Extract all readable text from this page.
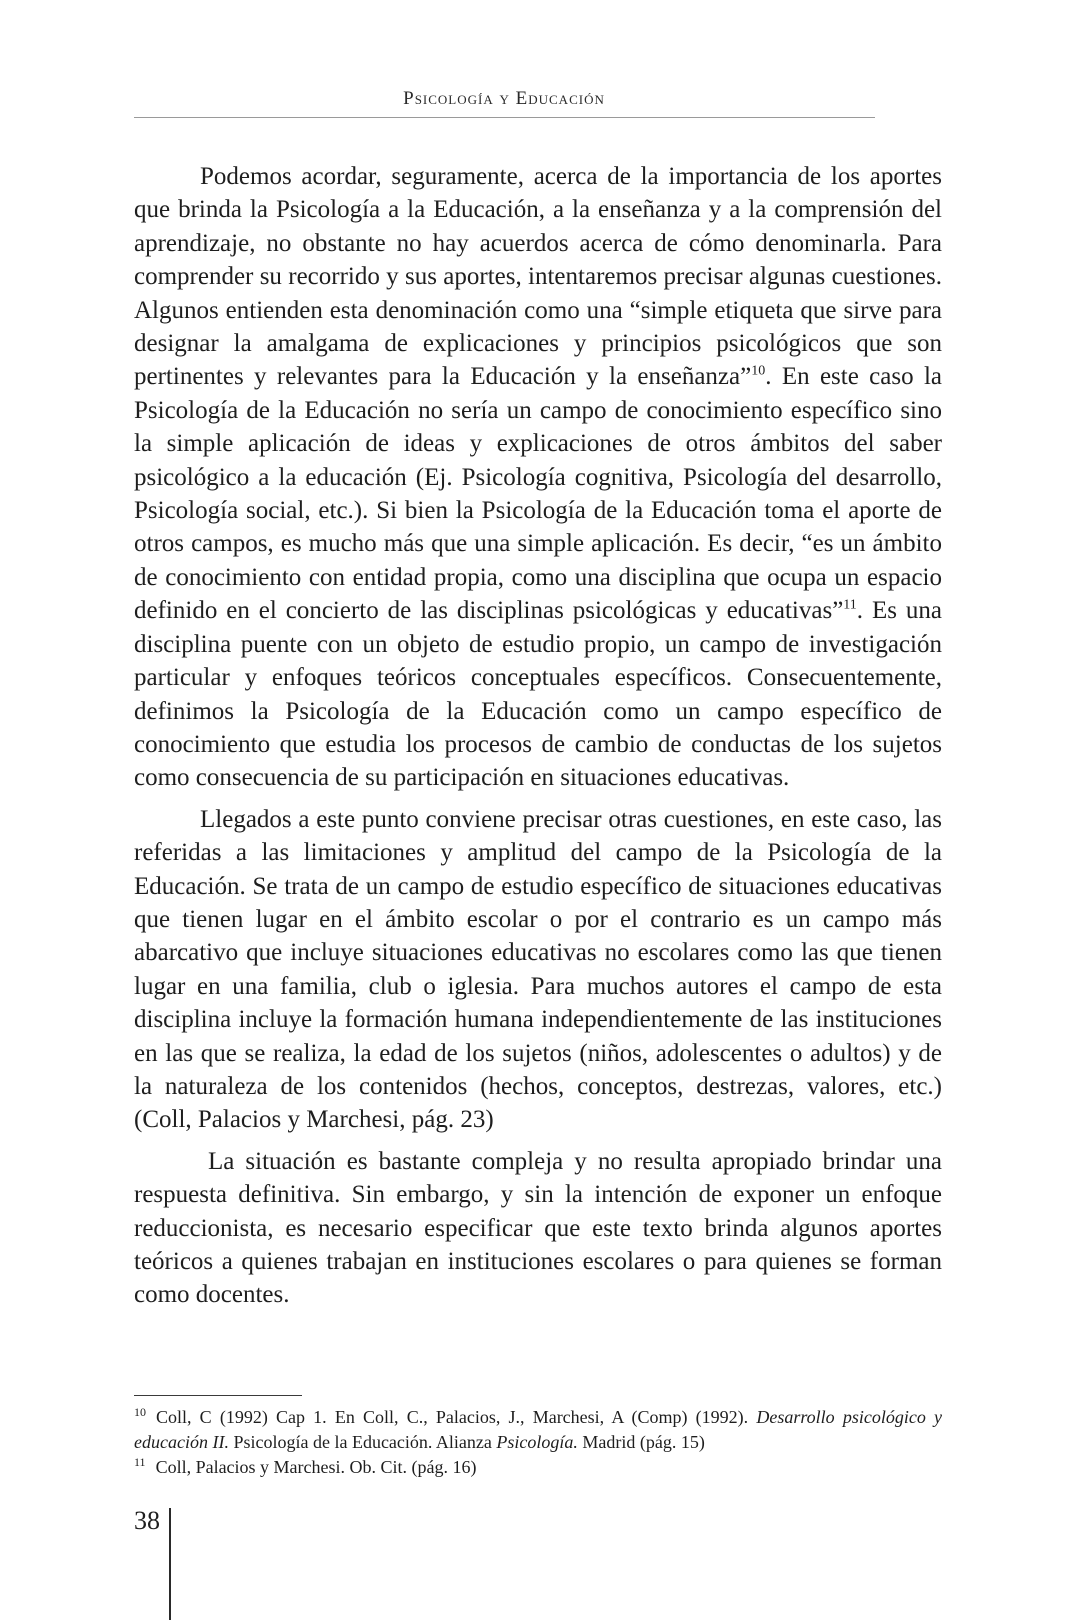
Psicología y Educación

Podemos acordar, seguramente, acerca de la importancia de los aportes que brinda la Psicología a la Educación, a la enseñanza y a la comprensión del aprendizaje, no obstante no hay acuerdos acerca de cómo denominarla. Para comprender su recorrido y sus aportes, intentaremos precisar algunas cuestiones. Algunos entienden esta denominación como una “simple etiqueta que sirve para designar la amalgama de explicaciones y principios psicológicos que son pertinentes y relevantes para la Educación y la enseñanza”$^{10}$. En este caso la Psicología de la Educación no sería un campo de conocimiento específico sino la simple aplicación de ideas y explicaciones de otros ámbitos del saber psicológico a la educación (Ej. Psicología cognitiva, Psicología del desarrollo, Psicología social, etc.). Si bien la Psicología de la Educación toma el aporte de otros campos, es mucho más que una simple aplicación. Es decir, “es un ámbito de conocimiento con entidad propia, como una disciplina que ocupa un espacio definido en el concierto de las disciplinas psicológicas y educativas”$^{11}$. Es una disciplina puente con un objeto de estudio propio, un campo de investigación particular y enfoques teóricos conceptuales específicos. Consecuentemente, definimos la Psicología de la Educación como un campo específico de conocimiento que estudia los procesos de cambio de conductas de los sujetos como consecuencia de su participación en situaciones educativas.

Llegados a este punto conviene precisar otras cuestiones, en este caso, las referidas a las limitaciones y amplitud del campo de la Psicología de la Educación. Se trata de un campo de estudio específico de situaciones educativas que tienen lugar en el ámbito escolar o por el contrario es un campo más abarcativo que incluye situaciones educativas no escolares como las que tienen lugar en una familia, club o iglesia. Para muchos autores el campo de esta disciplina incluye la formación humana independientemente de las instituciones en las que se realiza, la edad de los sujetos (niños, adolescentes o adultos) y de la naturaleza de los contenidos (hechos, conceptos, destrezas, valores, etc.) (Coll, Palacios y Marchesi, pág. 23)

La situación es bastante compleja y no resulta apropiado brindar una respuesta definitiva. Sin embargo, y sin la intención de exponer un enfoque reduccionista, es necesario especificar que este texto brinda algunos aportes teóricos a quienes trabajan en instituciones escolares o para quienes se forman como docentes.

$^{10}$ Coll, C (1992) Cap 1. En Coll, C., Palacios, J., Marchesi, A (Comp) (1992). Desarrollo psicológico y educación II. Psicología de la Educación. Alianza Psicología. Madrid (pág. 15)

$^{11}$ Coll, Palacios y Marchesi. Ob. Cit. (pág. 16)

38
